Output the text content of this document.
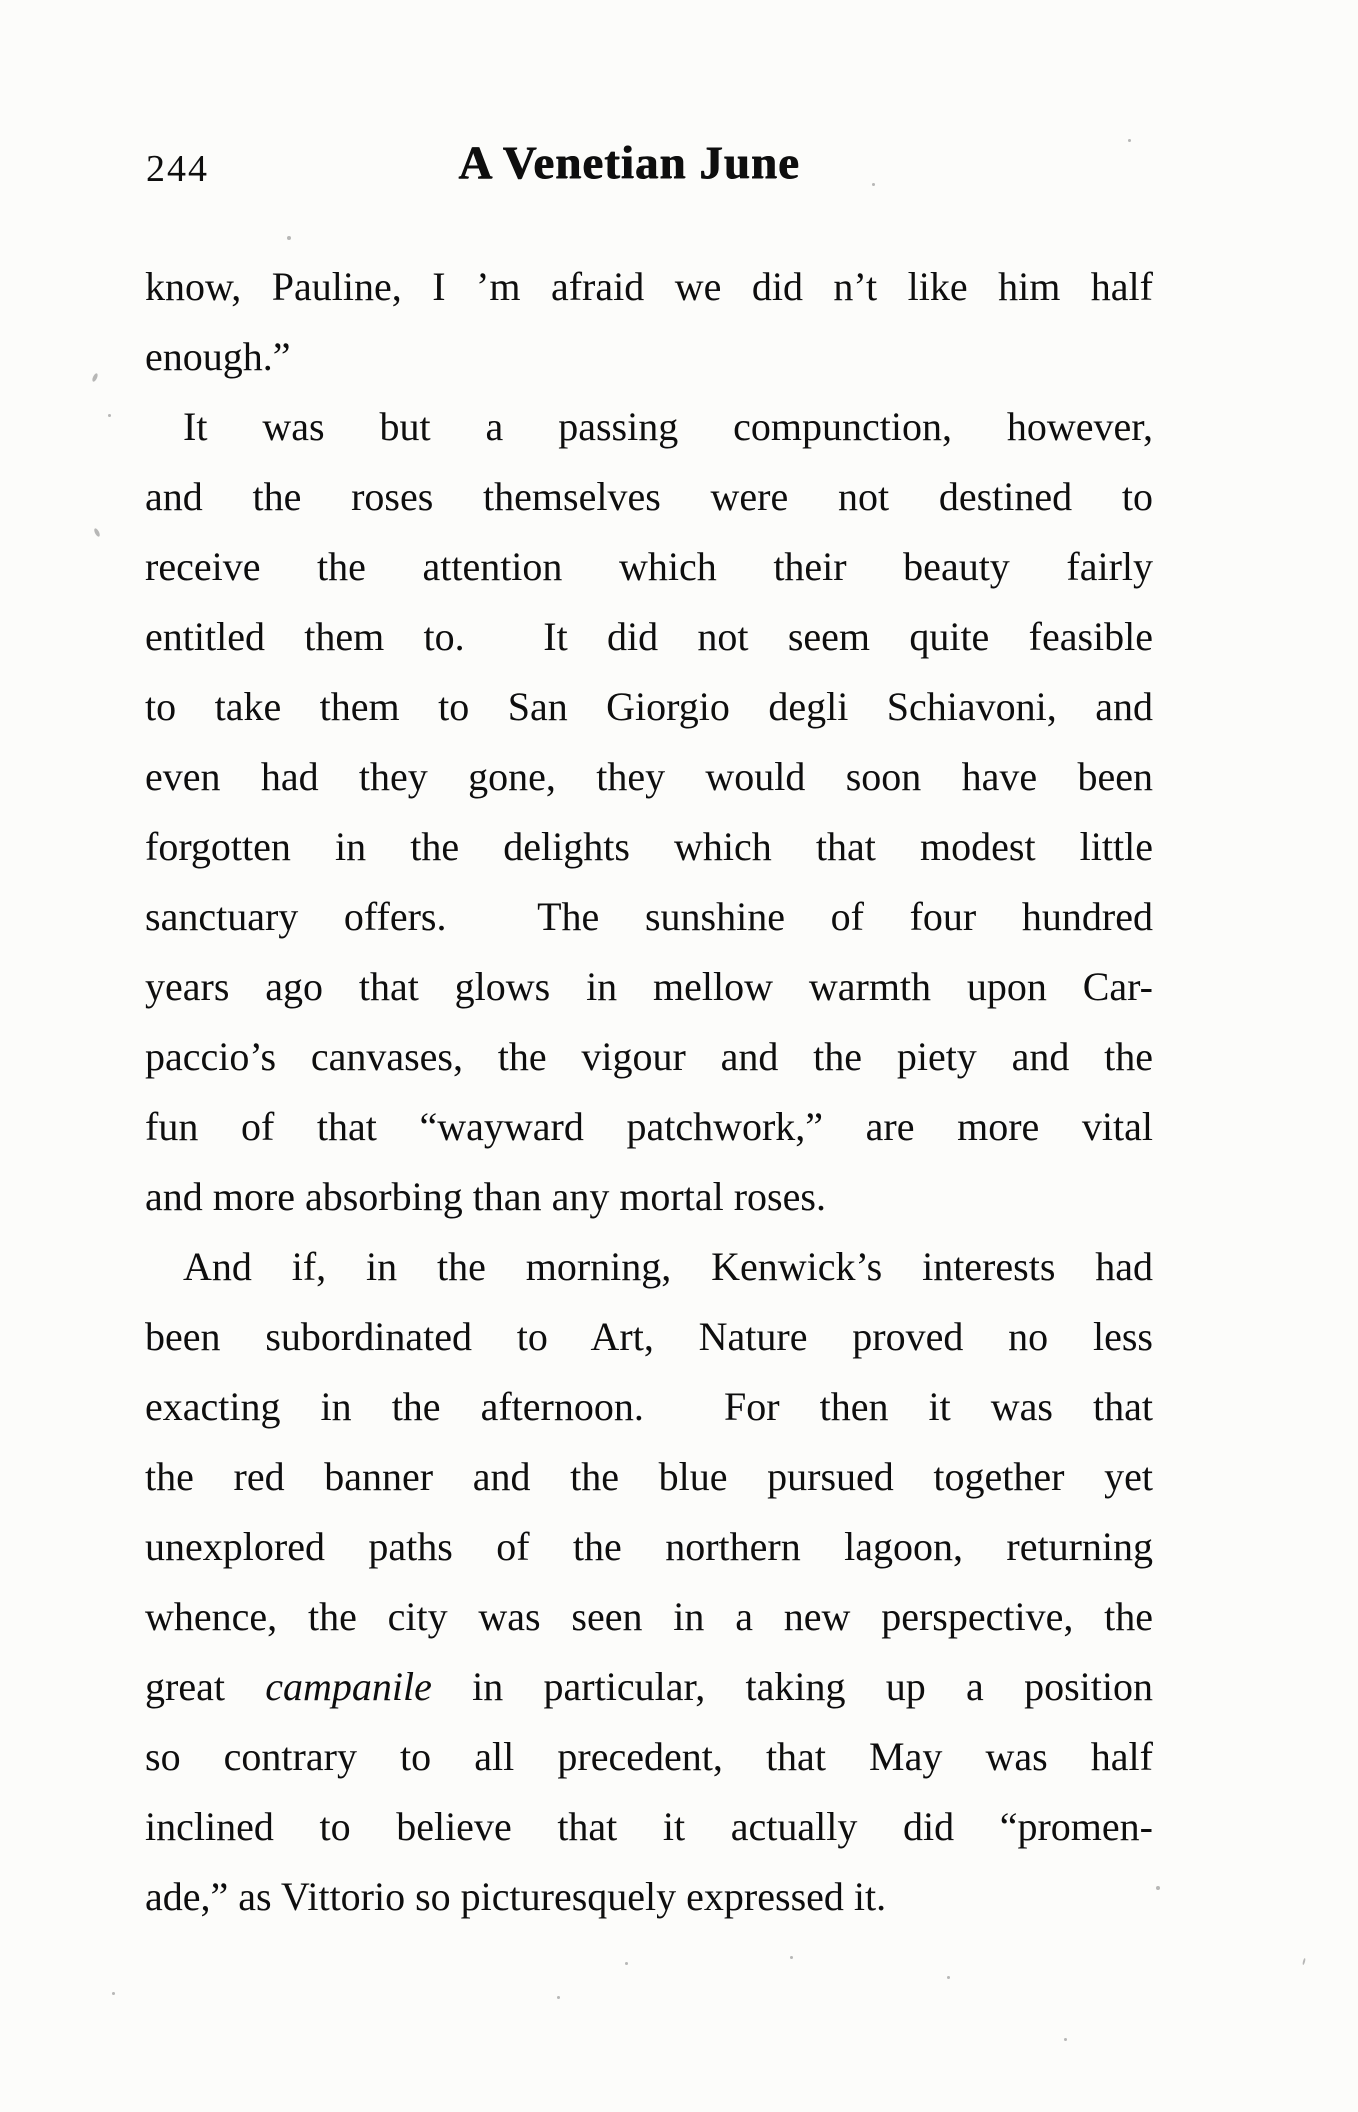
244	A Venetian June
know, Pauline, I ’m afraid we did n’t like him half
enough.”
It was but a passing compunction, however,
and the roses themselves were not destined to
receive the attention which their beauty fairly
entitled them to.  It did not seem quite feasible
to take them to San Giorgio degli Schiavoni, and
even had they gone, they would soon have been
forgotten in the delights which that modest little
sanctuary offers.  The sunshine of four hundred
years ago that glows in mellow warmth upon Car-
paccio’s canvases, the vigour and the piety and the
fun of that “wayward patchwork,” are more vital
and more absorbing than any mortal roses.
And if, in the morning, Kenwick’s interests had
been subordinated to Art, Nature proved no less
exacting in the afternoon.  For then it was that
the red banner and the blue pursued together yet
unexplored paths of the northern lagoon, returning
whence, the city was seen in a new perspective, the
great campanile in particular, taking up a position
so contrary to all precedent, that May was half
inclined to believe that it actually did “promen-
ade,” as Vittorio so picturesquely expressed it.
